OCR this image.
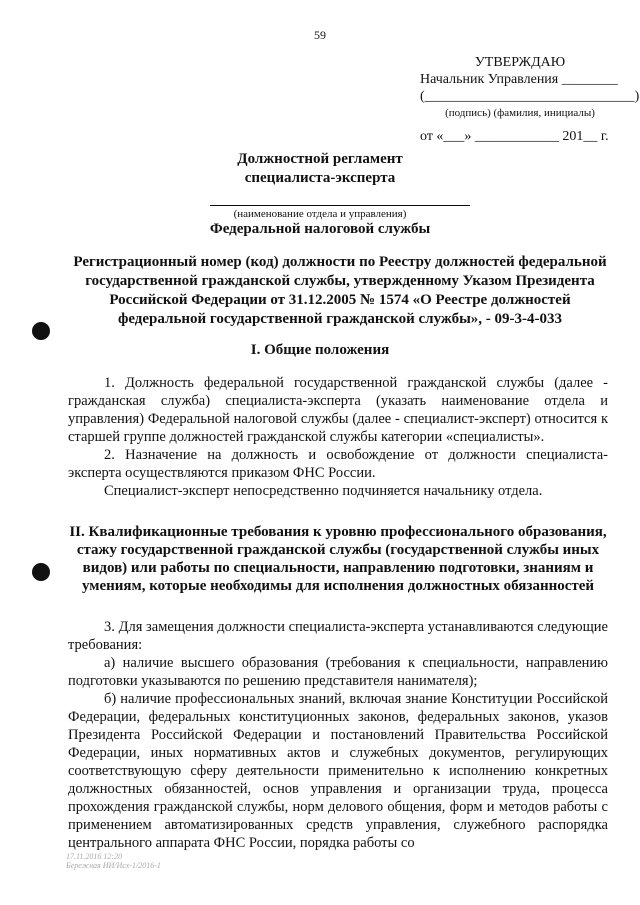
59
УТВЕРЖДАЮ
Начальник Управления ________
(______________________________)
(подпись) (фамилия, инициалы)
от «___» ____________ 201__ г.
Должностной регламент
специалиста-эксперта
(наименование отдела и управления)
Федеральной налоговой службы
Регистрационный номер (код) должности по Реестру должностей федеральной государственной гражданской службы, утвержденному Указом Президента Российской Федерации от 31.12.2005 № 1574 «О Реестре должностей федеральной государственной гражданской службы», - 09-3-4-033
I. Общие положения

1. Должность федеральной государственной гражданской службы (далее - гражданская служба) специалиста-эксперта (указать наименование отдела и управления) Федеральной налоговой службы (далее - специалист-эксперт) относится к старшей группе должностей гражданской службы категории «специалисты».

2. Назначение на должность и освобождение от должности специалиста-эксперта осуществляются приказом ФНС России.

Специалист-эксперт непосредственно подчиняется начальнику отдела.

II. Квалификационные требования к уровню профессионального образования, стажу государственной гражданской службы (государственной службы иных видов) или работы по специальности, направлению подготовки, знаниям и умениям, которые необходимы для исполнения должностных обязанностей

3. Для замещения должности специалиста-эксперта устанавливаются следующие требования:

а) наличие высшего образования (требования к специальности, направлению подготовки указываются по решению представителя нанимателя);

б) наличие профессиональных знаний, включая знание Конституции Российской Федерации, федеральных конституционных законов, федеральных законов, указов Президента Российской Федерации и постановлений Правительства Российской Федерации, иных нормативных актов и служебных документов, регулирующих соответствующую сферу деятельности применительно к исполнению конкретных должностных обязанностей, основ управления и организации труда, процесса прохождения гражданской службы, норм делового общения, форм и методов работы с применением автоматизированных средств управления, служебного распорядка центрального аппарата ФНС России, порядка работы со

17.11.2016 12:20
Бережная ИИ/Исх-1/2016-1
